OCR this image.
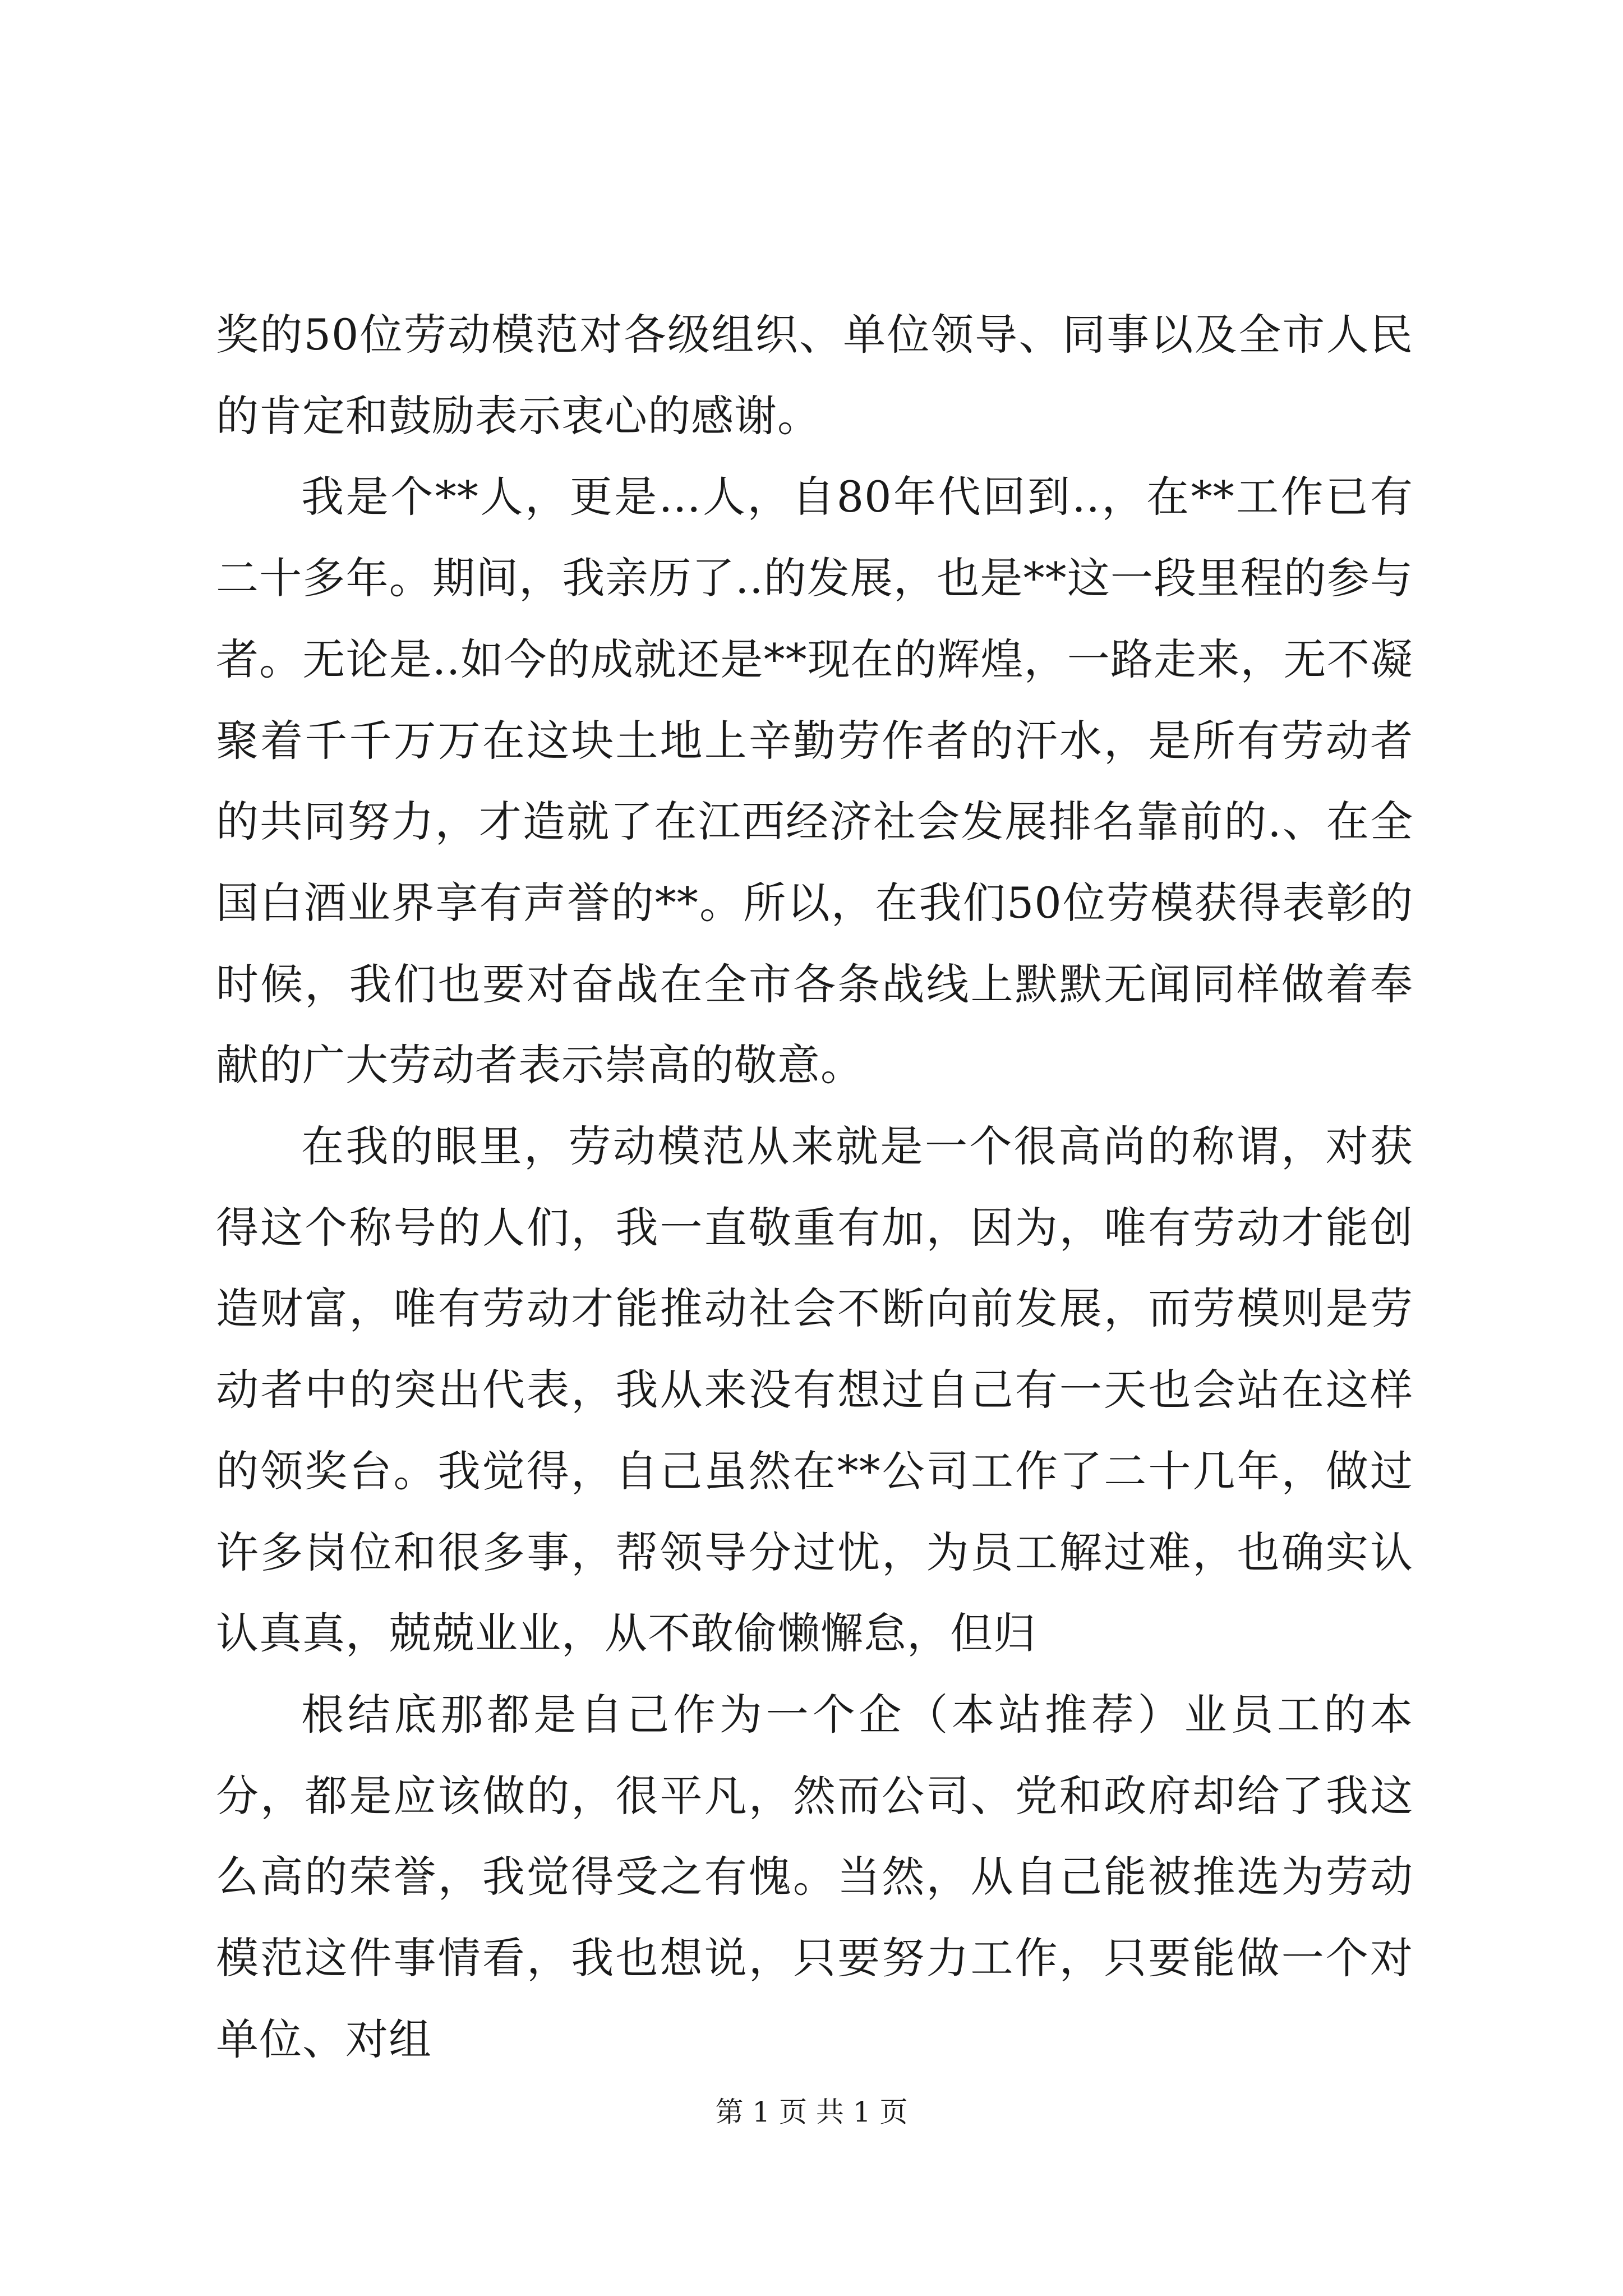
奖的50位劳动模范对各级组织、单位领导、同事以及全市人民的肯定和鼓励表示衷心的感谢。

我是个**人，更是...人，自80年代回到..，在**工作已有二十多年。期间，我亲历了..的发展，也是**这一段里程的参与者。无论是..如今的成就还是**现在的辉煌，一路走来，无不凝聚着千千万万在这块土地上辛勤劳作者的汗水，是所有劳动者的共同努力，才造就了在江西经济社会发展排名靠前的.、在全国白酒业界享有声誉的**。所以，在我们50位劳模获得表彰的时候，我们也要对奋战在全市各条战线上默默无闻同样做着奉献的广大劳动者表示崇高的敬意。

在我的眼里，劳动模范从来就是一个很高尚的称谓，对获得这个称号的人们，我一直敬重有加，因为，唯有劳动才能创造财富，唯有劳动才能推动社会不断向前发展，而劳模则是劳动者中的突出代表，我从来没有想过自己有一天也会站在这样的领奖台。我觉得，自己虽然在**公司工作了二十几年，做过许多岗位和很多事，帮领导分过忧，为员工解过难，也确实认认真真，兢兢业业，从不敢偷懒懈怠，但归

根结底那都是自己作为一个企（本站推荐）业员工的本分，都是应该做的，很平凡，然而公司、党和政府却给了我这么高的荣誉，我觉得受之有愧。当然，从自己能被推选为劳动模范这件事情看，我也想说，只要努力工作，只要能做一个对单位、对组

第 1 页 共 1 页
